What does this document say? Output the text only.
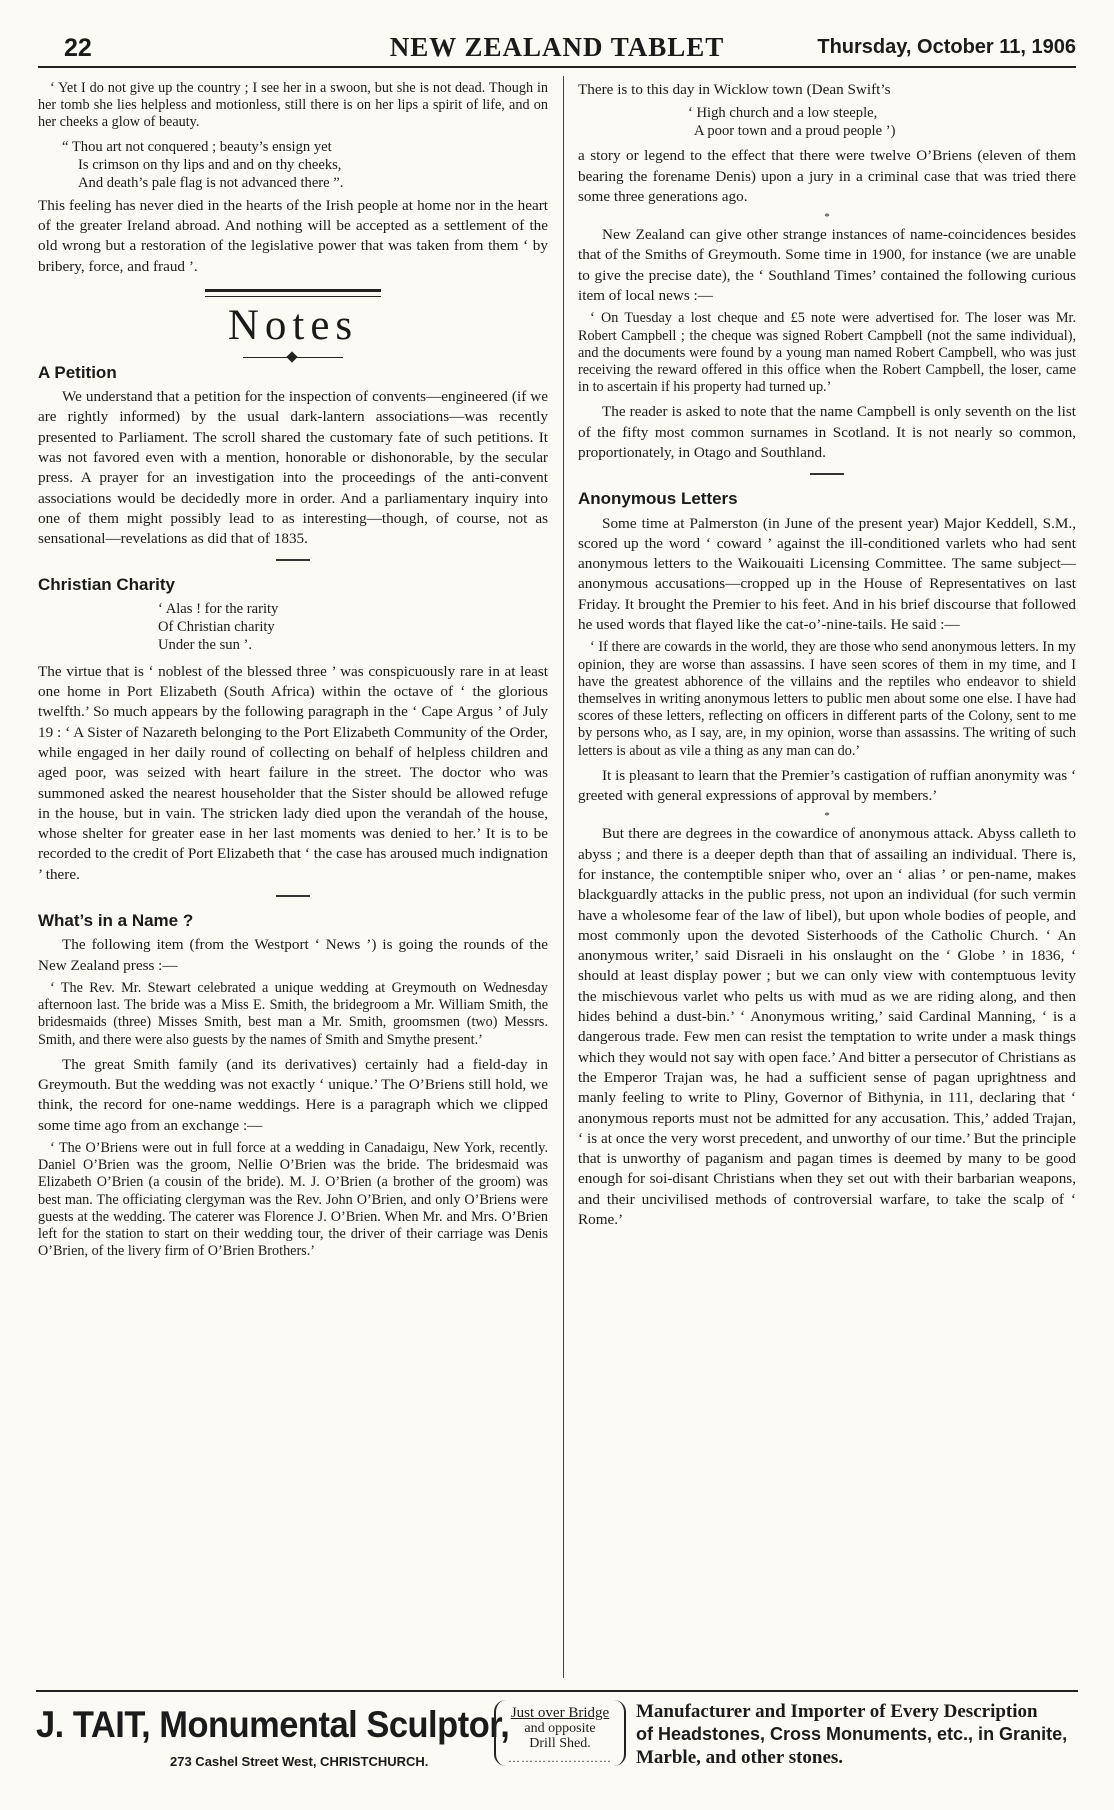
22	NEW ZEALAND TABLET	Thursday, October 11, 1906
‘ Yet I do not give up the country ; I see her in a swoon, but she is not dead. Though in her tomb she lies helpless and motionless, still there is on her lips a spirit of life, and on her cheeks a glow of beauty.
“ Thou art not conquered ; beauty’s ensign yet
Is crimson on thy lips and and on thy cheeks,
And death’s pale flag is not advanced there ”.

This feeling has never died in the hearts of the Irish people at home nor in the heart of the greater Ireland abroad. And nothing will be accepted as a settlement of the old wrong but a restoration of the legislative power that was taken from them ‘ by bribery, force, and fraud ’.

Notes
A Petition

We understand that a petition for the inspection of convents—engineered (if we are rightly informed) by the usual dark-lantern associations—was recently presented to Parliament. The scroll shared the customary fate of such petitions. It was not favored even with a mention, honorable or dishonorable, by the secular press. A prayer for an investigation into the proceedings of the anti-convent associations would be decidedly more in order. And a parliamentary inquiry into one of them might possibly lead to as interesting—though, of course, not as sensational—revelations as did that of 1835.

Christian Charity
‘ Alas ! for the rarity
Of Christian charity
Under the sun ’.

The virtue that is ‘ noblest of the blessed three ’ was conspicuously rare in at least one home in Port Elizabeth (South Africa) within the octave of ‘ the glorious twelfth.’ So much appears by the following paragraph in the ‘ Cape Argus ’ of July 19 : ‘ A Sister of Nazareth belonging to the Port Elizabeth Community of the Order, while engaged in her daily round of collecting on behalf of helpless children and aged poor, was seized with heart failure in the street. The doctor who was summoned asked the nearest householder that the Sister should be allowed refuge in the house, but in vain. The stricken lady died upon the verandah of the house, whose shelter for greater ease in her last moments was denied to her.’ It is to be recorded to the credit of Port Elizabeth that ‘ the case has aroused much indignation ’ there.

What’s in a Name ?

The following item (from the Westport ‘ News ’) is going the rounds of the New Zealand press :—

‘ The Rev. Mr. Stewart celebrated a unique wedding at Greymouth on Wednesday afternoon last. The bride was a Miss E. Smith, the bridegroom a Mr. William Smith, the bridesmaids (three) Misses Smith, best man a Mr. Smith, groomsmen (two) Messrs. Smith, and there were also guests by the names of Smith and Smythe present.’

The great Smith family (and its derivatives) certainly had a field-day in Greymouth. But the wedding was not exactly ‘ unique.’ The O’Briens still hold, we think, the record for one-name weddings. Here is a paragraph which we clipped some time ago from an exchange :—

‘ The O’Briens were out in full force at a wedding in Canadaigu, New York, recently. Daniel O’Brien was the groom, Nellie O’Brien was the bride. The bridesmaid was Elizabeth O’Brien (a cousin of the bride). M. J. O’Brien (a brother of the groom) was best man. The officiating clergyman was the Rev. John O’Brien, and only O’Briens were guests at the wedding. The caterer was Florence J. O’Brien. When Mr. and Mrs. O’Brien left for the station to start on their wedding tour, the driver of their carriage was Denis O’Brien, of the livery firm of O’Brien Brothers.’

There is to this day in Wicklow town (Dean Swift’s

‘ High church and a low steeple,
A poor town and a proud people ’)

a story or legend to the effect that there were twelve O’Briens (eleven of them bearing the forename Denis) upon a jury in a criminal case that was tried there some three generations ago.

*

New Zealand can give other strange instances of name-coincidences besides that of the Smiths of Greymouth. Some time in 1900, for instance (we are unable to give the precise date), the ‘ Southland Times’ contained the following curious item of local news :—

‘ On Tuesday a lost cheque and £5 note were advertised for. The loser was Mr. Robert Campbell ; the cheque was signed Robert Campbell (not the same individual), and the documents were found by a young man named Robert Campbell, who was just receiving the reward offered in this office when the Robert Campbell, the loser, came in to ascertain if his property had turned up.’

The reader is asked to note that the name Campbell is only seventh on the list of the fifty most common surnames in Scotland. It is not nearly so common, proportionately, in Otago and Southland.

Anonymous Letters

Some time at Palmerston (in June of the present year) Major Keddell, S.M., scored up the word ‘ coward ’ against the ill-conditioned varlets who had sent anonymous letters to the Waikouaiti Licensing Committee. The same subject—anonymous accusations—cropped up in the House of Representatives on last Friday. It brought the Premier to his feet. And in his brief discourse that followed he used words that flayed like the cat-o’-nine-tails. He said :—

‘ If there are cowards in the world, they are those who send anonymous letters. In my opinion, they are worse than assassins. I have seen scores of them in my time, and I have the greatest abhorence of the villains and the reptiles who endeavor to shield themselves in writing anonymous letters to public men about some one else. I have had scores of these letters, reflecting on officers in different parts of the Colony, sent to me by persons who, as I say, are, in my opinion, worse than assassins. The writing of such letters is about as vile a thing as any man can do.’

It is pleasant to learn that the Premier’s castigation of ruffian anonymity was ‘ greeted with general expressions of approval by members.’

*

But there are degrees in the cowardice of anonymous attack. Abyss calleth to abyss ; and there is a deeper depth than that of assailing an individual. There is, for instance, the contemptible sniper who, over an ‘ alias ’ or pen-name, makes blackguardly attacks in the public press, not upon an individual (for such vermin have a wholesome fear of the law of libel), but upon whole bodies of people, and most commonly upon the devoted Sisterhoods of the Catholic Church. ‘ An anonymous writer,’ said Disraeli in his onslaught on the ‘ Globe ’ in 1836, ‘ should at least display power ; but we can only view with contemptuous levity the mischievous varlet who pelts us with mud as we are riding along, and then hides behind a dust-bin.’ ‘ Anonymous writing,’ said Cardinal Manning, ‘ is a dangerous trade. Few men can resist the temptation to write under a mask things which they would not say with open face.’ And bitter a persecutor of Christians as the Emperor Trajan was, he had a sufficient sense of pagan uprightness and manly feeling to write to Pliny, Governor of Bithynia, in 111, declaring that ‘ anonymous reports must not be admitted for any accusation. This,’ added Trajan, ‘ is at once the very worst precedent, and unworthy of our time.’ But the principle that is unworthy of paganism and pagan times is deemed by many to be good enough for soi-disant Christians when they set out with their barbarian weapons, and their uncivilised methods of controversial warfare, to take the scalp of ‘ Rome.’

J. TAIT, Monumental Sculptor,
273 Cashel Street West, CHRISTCHURCH.
Just over Bridge
and opposite
Drill Shed.
……………………
Manufacturer and Importer of Every Description
of Headstones, Cross Monuments, etc., in Granite,
Marble, and other stones.
